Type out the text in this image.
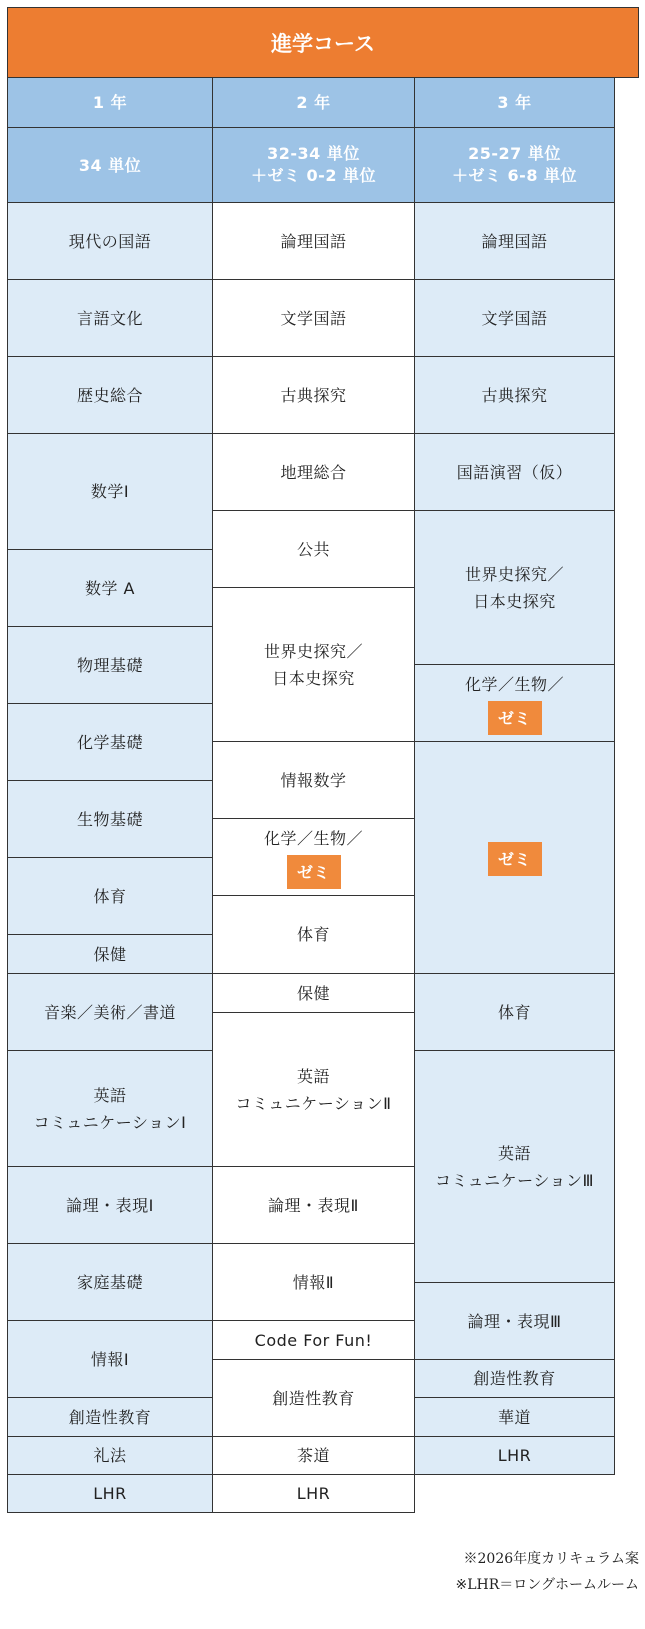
進学コース
1 年	2 年	3 年
34 単位
32-34 単位
＋ゼミ 0-2 単位
25-27 単位
＋ゼミ 6-8 単位
現代の国語
言語文化
歴史総合
数学Ⅰ
数学 A
物理基礎
化学基礎
生物基礎
体育
保健
音楽／美術／書道
英語
コミュニケーションⅠ
論理・表現Ⅰ
家庭基礎
情報Ⅰ
創造性教育
礼法
LHR
論理国語
文学国語
古典探究
地理総合
公共
世界史探究／
日本史探究
情報数学
化学／生物／
ゼミ
体育
保健
英語
コミュニケーションⅡ
論理・表現Ⅱ
情報Ⅱ
Code For Fun!
創造性教育
茶道
LHR
論理国語
文学国語
古典探究
国語演習（仮）
世界史探究／
日本史探究
化学／生物／
ゼミ
ゼミ
体育
英語
コミュニケーションⅢ
論理・表現Ⅲ
創造性教育
華道
LHR
※2026年度カリキュラム案
※LHR＝ロングホームルーム
